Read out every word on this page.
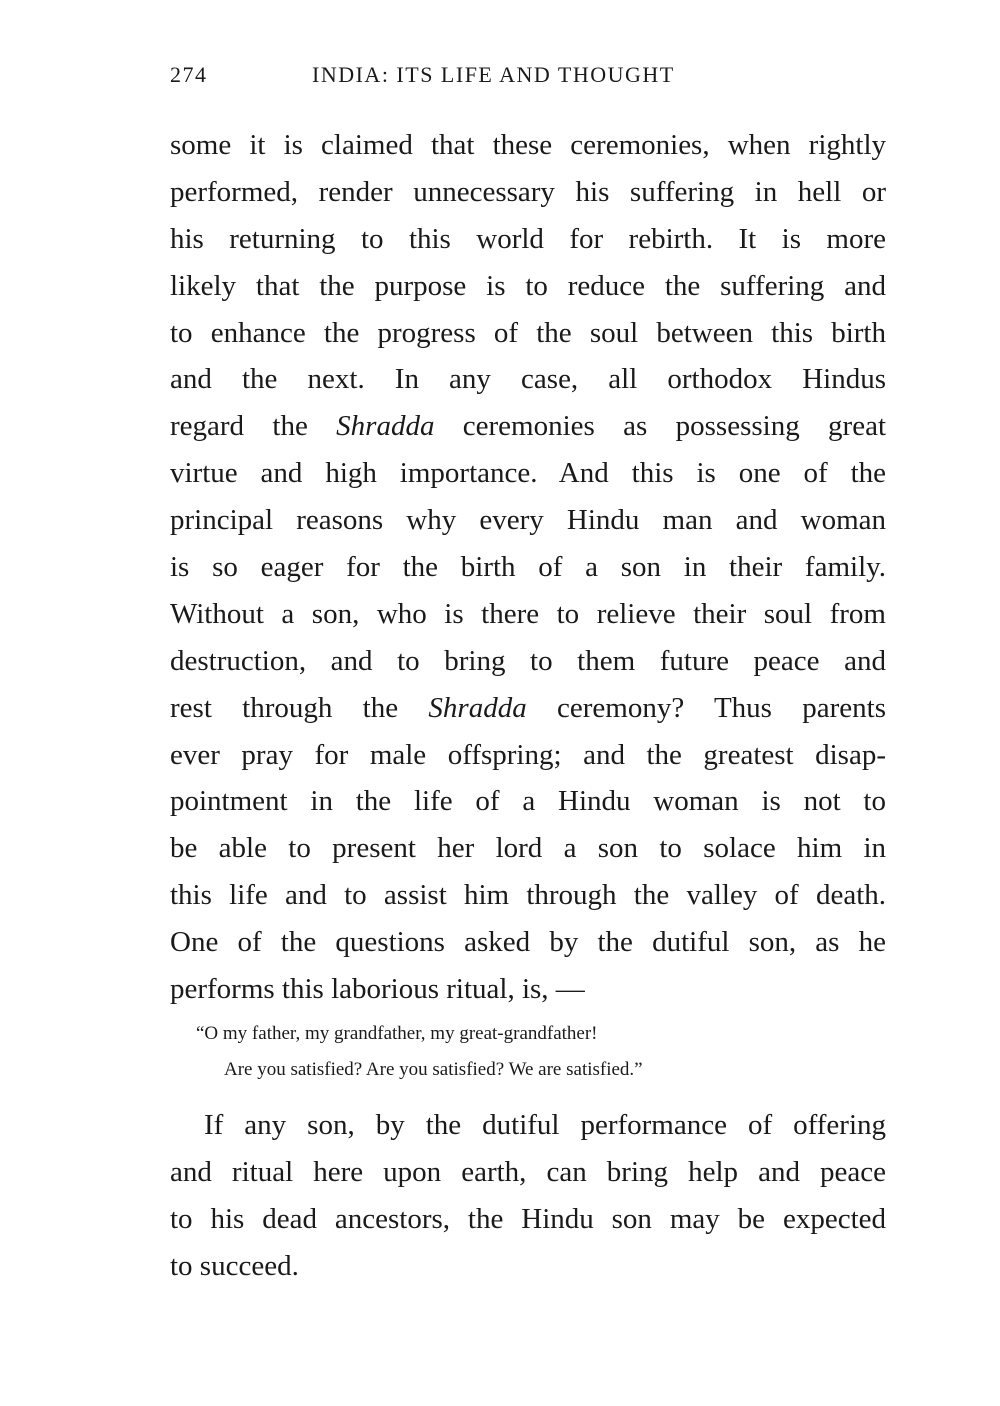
274	INDIA: ITS LIFE AND THOUGHT
some it is claimed that these ceremonies, when rightly
performed, render unnecessary his suffering in hell or
his returning to this world for rebirth. It is more
likely that the purpose is to reduce the suffering and
to enhance the progress of the soul between this birth
and the next. In any case, all orthodox Hindus
regard the Shradda ceremonies as possessing great
virtue and high importance. And this is one of the
principal reasons why every Hindu man and woman
is so eager for the birth of a son in their family.
Without a son, who is there to relieve their soul from
destruction, and to bring to them future peace and
rest through the Shradda ceremony? Thus parents
ever pray for male offspring; and the greatest disap-
pointment in the life of a Hindu woman is not to
be able to present her lord a son to solace him in
this life and to assist him through the valley of death.
One of the questions asked by the dutiful son, as he
performs this laborious ritual, is, —
“O my father, my grandfather, my great-grandfather!
Are you satisfied? Are you satisfied? We are satisfied.”
If any son, by the dutiful performance of offering
and ritual here upon earth, can bring help and peace
to his dead ancestors, the Hindu son may be expected
to succeed.
